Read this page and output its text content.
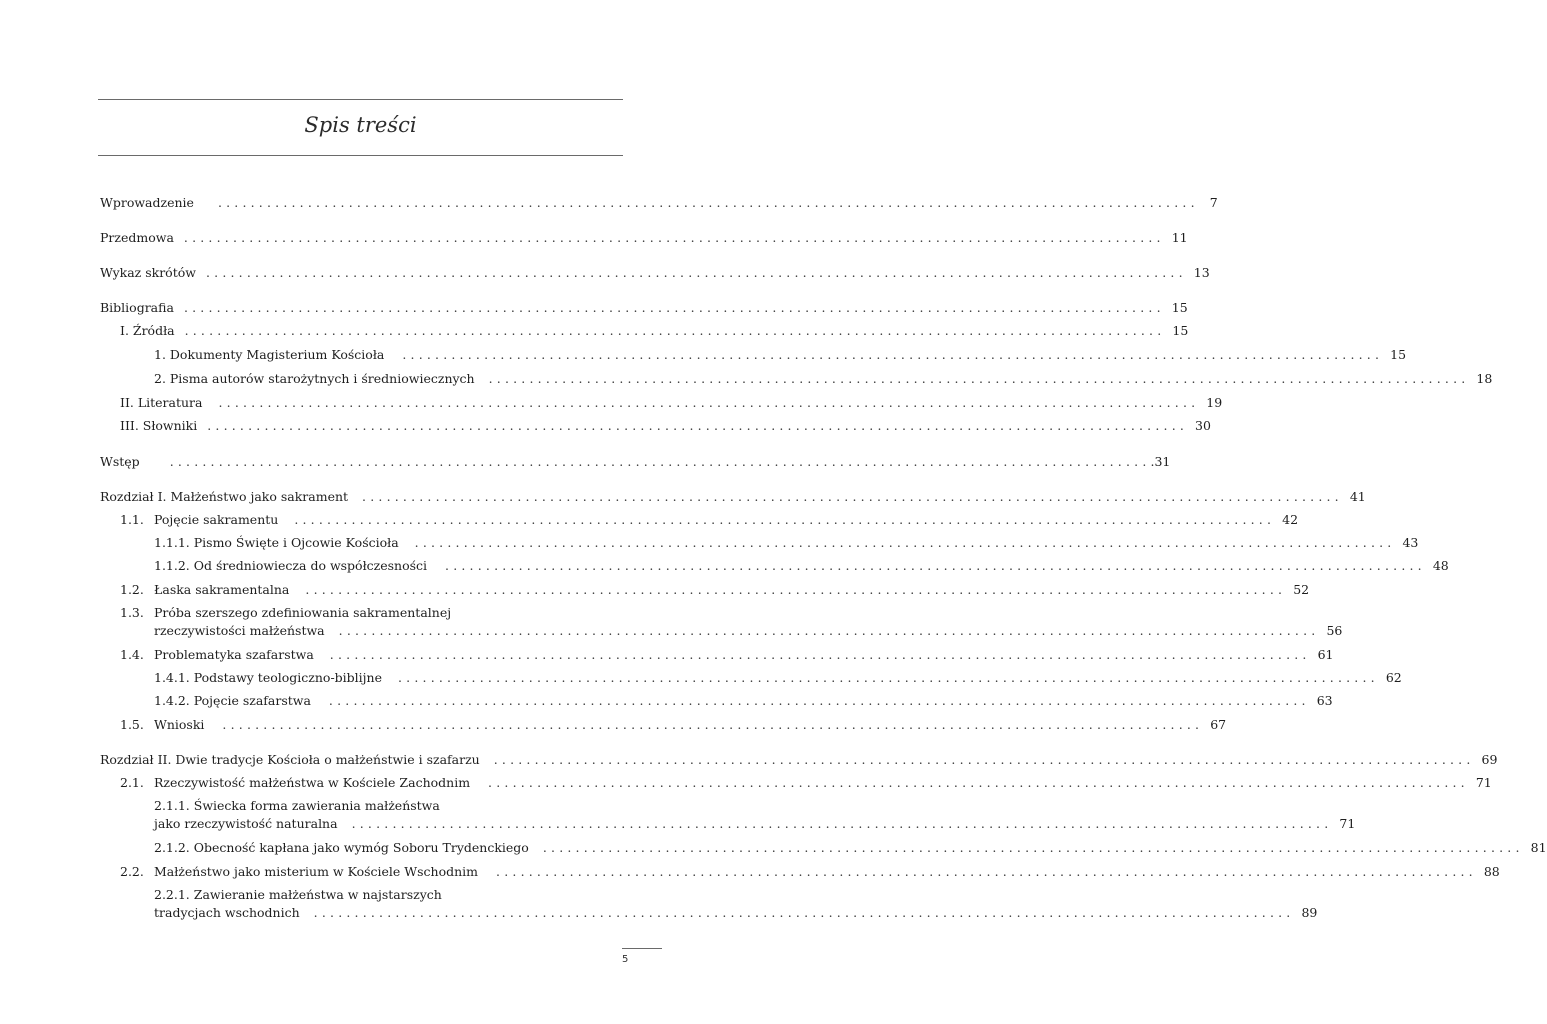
Spis treści
Wprowadzenie ........................................................................................................................ 7
Przedmowa ........................................................................................................................ 11
Wykaz skrótów ........................................................................................................................ 13
Bibliografia ........................................................................................................................ 15
I. Źródła ........................................................................................................................ 15
1. Dokumenty Magisterium Kościoła ........................................................................................................................ 15
2. Pisma autorów starożytnych i średniowiecznych ........................................................................................................................ 18
II. Literatura ........................................................................................................................ 19
III. Słowniki ........................................................................................................................ 30
Wstęp ........................................................................................................................ .31
Rozdział I. Małżeństwo jako sakrament ........................................................................................................................ 41
1.1. Pojęcie sakramentu ........................................................................................................................ 42
1.1.1. Pismo Święte i Ojcowie Kościoła ........................................................................................................................ 43
1.1.2. Od średniowiecza do współczesności ........................................................................................................................ 48
1.2. Łaska sakramentalna ........................................................................................................................ 52
1.3. Próba szerszego zdefiniowania sakramentalnej
rzeczywistości małżeństwa ........................................................................................................................ 56
1.4. Problematyka szafarstwa ........................................................................................................................ 61
1.4.1. Podstawy teologiczno-biblijne ........................................................................................................................ 62
1.4.2. Pojęcie szafarstwa ........................................................................................................................ 63
1.5. Wnioski ........................................................................................................................ 67
Rozdział II. Dwie tradycje Kościoła o małżeństwie i szafarzu ........................................................................................................................ 69
2.1. Rzeczywistość małżeństwa w Kościele Zachodnim ........................................................................................................................ 71
2.1.1. Świecka forma zawierania małżeństwa
jako rzeczywistość naturalna ........................................................................................................................ 71
2.1.2. Obecność kapłana jako wymóg Soboru Trydenckiego ........................................................................................................................ 81
2.2. Małżeństwo jako misterium w Kościele Wschodnim ........................................................................................................................ 88
2.2.1. Zawieranie małżeństwa w najstarszych
tradycjach wschodnich ........................................................................................................................ 89
5
